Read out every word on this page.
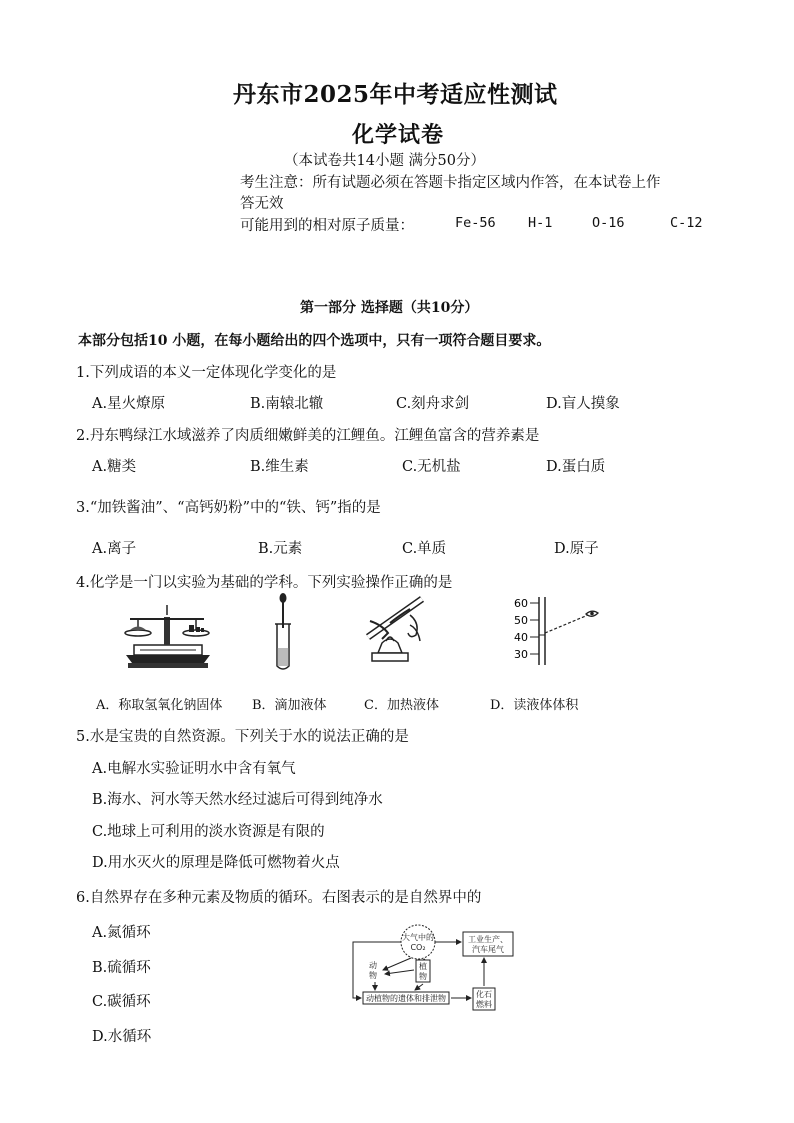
丹东市2025年中考适应性测试
化学试卷
（本试卷共14小题 满分50分）
考生注意：所有试题必须在答题卡指定区域内作答，在本试卷上作
答无效
可能用到的相对原子质量：	Fe-56 H-1	O-16	C-12
第一部分 选择题（共10分）
本部分包括10 小题，在每小题给出的四个选项中，只有一项符合题目要求。
1.下列成语的本义一定体现化学变化的是
A.星火燎原	B.南辕北辙	C.刻舟求剑	D.盲人摸象
2.丹东鸭绿江水域滋养了肉质细嫩鲜美的江鲤鱼。江鲤鱼富含的营养素是
A.糖类	B.维生素	C.无机盐	D.蛋白质
3.“加铁酱油”、“高钙奶粉”中的“铁、钙”指的是
A.离子	B.元素	C.单质	D.原子
4.化学是一门以实验为基础的学科。下列实验操作正确的是
60
50
40
30
A．称取氢氧化钠固体 B．滴加液体	C．加热液体	D．读液体体积
5.水是宝贵的自然资源。下列关于水的说法正确的是
A.电解水实验证明水中含有氧气
B.海水、河水等天然水经过滤后可得到纯净水
C.地球上可利用的淡水资源是有限的
D.用水灭火的原理是降低可燃物着火点
6.自然界存在多种元素及物质的循环。右图表示的是自然界中的
A.氮循环
B.硫循环
C.碳循环
D.水循环
大气中的
CO₂
工业生产、
汽车尾气
动
物
植
物
动植物的遗体和排泄物	化石
燃料
